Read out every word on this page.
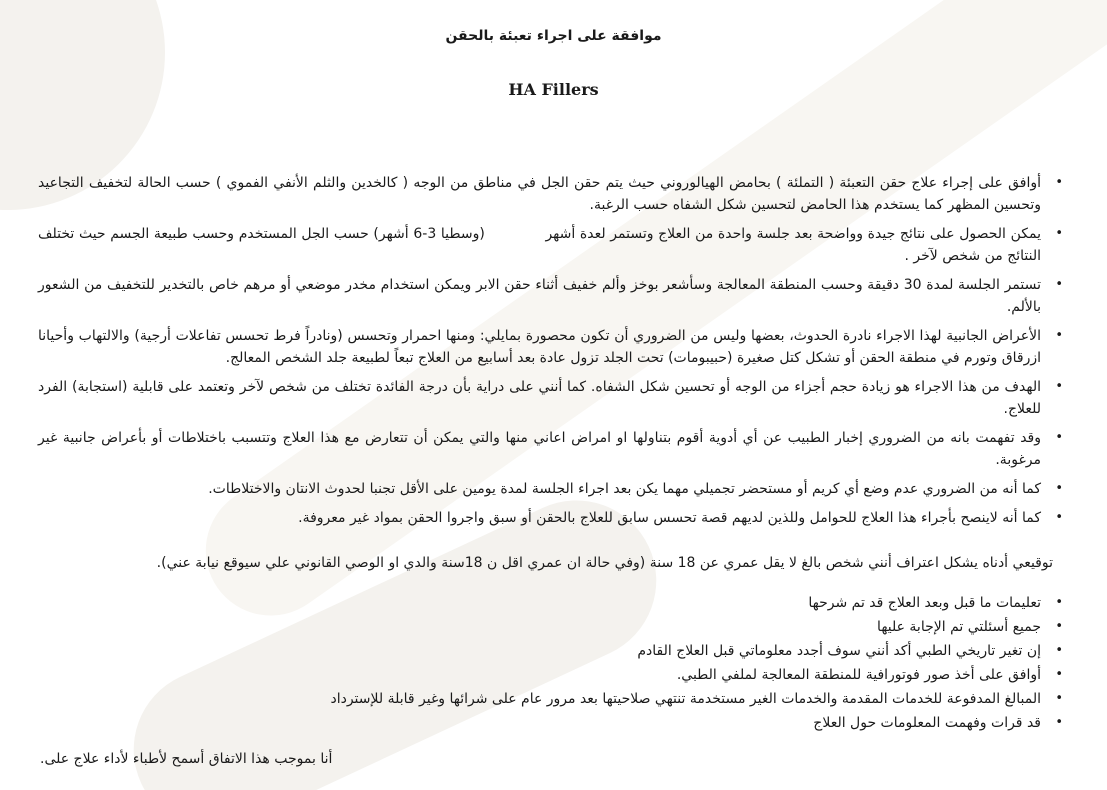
موافقة على اجراء تعبئة بالحقن
HA Fillers
•
أوافق على إجراء علاج حقن التعبئة ( التملئة ) بحامض الهيالوروني حيث يتم حقن الجل في مناطق من الوجه ( كالخدين والثلم الأنفي الفموي ) حسب الحالة لتخفيف التجاعيد وتحسين المظهر كما يستخدم هذا الحامض لتحسين شكل الشفاه حسب الرغبة.
•
يمكن الحصول على نتائج جيدة وواضحة بعد جلسة واحدة من العلاج وتستمر لعدة أشهر             (وسطيا 3-6 أشهر) حسب الجل المستخدم وحسب طبيعة الجسم حيث تختلف النتائج من شخص لآخر .
•
تستمر الجلسة لمدة 30 دقيقة وحسب المنطقة المعالجة وسأشعر بوخز وألم خفيف أثناء حقن الابر ويمكن استخدام مخدر موضعي أو مرهم خاص بالتخدير للتخفيف من الشعور بالألم.
•
الأعراض الجانبية لهذا الاجراء نادرة الحدوث، بعضها وليس من الضروري أن تكون محصورة بمايلي: ومنها احمرار وتحسس (ونادراً فرط تحسس تفاعلات أرجية) والالتهاب وأحيانا ازرقاق وتورم في منطقة الحقن أو تشكل كتل صغيرة (حبيبومات) تحت الجلد تزول عادة بعد أسابيع من العلاج تبعاً لطبيعة جلد الشخص المعالج.
•
الهدف من هذا الاجراء هو زيادة حجم أجزاء من الوجه أو تحسين شكل الشفاه. كما أنني على دراية بأن درجة الفائدة تختلف من شخص لآخر وتعتمد على قابلية (استجابة) الفرد للعلاج.
•
وقد تفهمت بانه من الضروري إخبار الطبيب عن أي أدوية أقوم بتناولها او امراض اعاني منها والتي يمكن أن تتعارض مع هذا العلاج وتتسبب باختلاطات أو بأعراض جانبية غير مرغوبة.
•
كما أنه من الضروري عدم وضع أي كريم أو مستحضر تجميلي مهما يكن بعد اجراء الجلسة لمدة يومين على الأقل تجنبا لحدوث الانتان والاختلاطات.
•
كما أنه لاينصح بأجراء هذا العلاج للحوامل وللذين لديهم قصة تحسس سابق للعلاج بالحقن أو سبق واجروا الحقن بمواد غير معروفة.
توقيعي أدناه يشكل اعتراف أنني شخص بالغ لا يقل عمري عن 18 سنة (وفي حالة ان عمري اقل ن 18سنة والدي او الوصي القانوني علي سيوقع نيابة عني).
•
تعليمات ما قبل وبعد العلاج قد تم شرحها
•
جميع أسئلتي تم الإجابة عليها
•
إن تغير تاريخي الطبي أكد أنني سوف أجدد معلوماتي قبل العلاج القادم
•
أوافق على أخذ صور فوتورافية للمنطقة المعالجة لملفي الطبي.
•
المبالغ المدفوعة للخدمات المقدمة والخدمات الغير مستخدمة تنتهي صلاحيتها بعد مرور عام على شرائها وغير قابلة للإسترداد
•
قد قرات وفهمت المعلومات حول العلاج
أنا بموجب هذا الاتفاق أسمح لأطباء لأداء علاج على.
